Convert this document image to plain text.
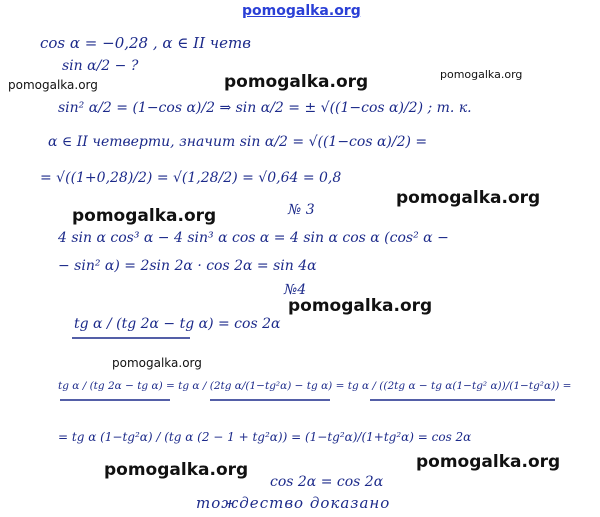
pomogalka.org
cos α = −0,28 , α ∈ II четв
sin α/2 − ?
pomogalka.org	pomogalka.org	pomogalka.org
sin² α/2 = (1−cos α)/2 ⇒ sin α/2 = ± √((1−cos α)/2) ; т. к.
α ∈ II четверти, значит sin α/2 = √((1−cos α)/2) =
= √((1+0,28)/2) = √(1,28/2) = √0,64 = 0,8
pomogalka.org
pomogalka.org	№ 3
4 sin α cos³ α − 4 sin³ α cos α = 4 sin α cos α (cos² α −
− sin² α) = 2sin 2α · cos 2α = sin 4α
№4
pomogalka.org
tg α / (tg 2α − tg α) = cos 2α
pomogalka.org
tg α / (tg 2α − tg α) = tg α / (2tg α/(1−tg²α) − tg α) = tg α / ((2tg α − tg α(1−tg² α))/(1−tg²α)) =
= tg α (1−tg²α) / (tg α (2 − 1 + tg²α)) = (1−tg²α)/(1+tg²α) = cos 2α
pomogalka.org	pomogalka.org
cos 2α = cos 2α
тождество доказано
